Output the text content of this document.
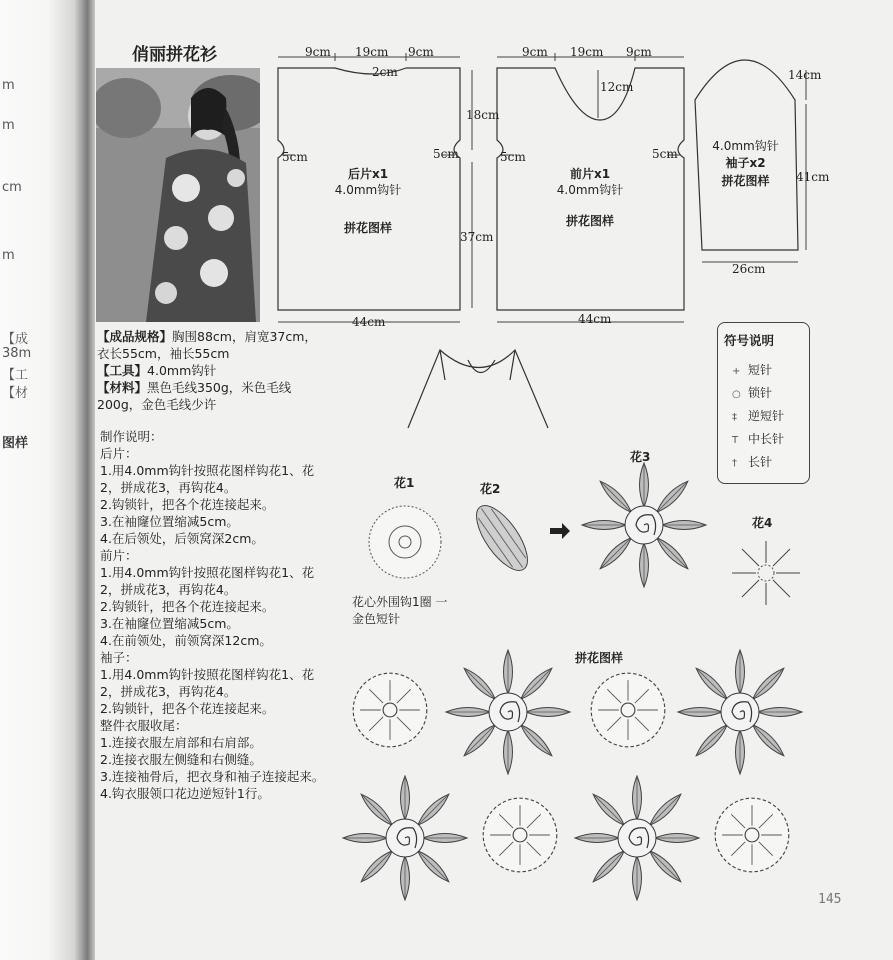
m
m
cm
m
【成
38m
【工
【材
图样
俏丽拼花衫
【成品规格】胸围88cm，肩宽37cm，衣长55cm，袖长55cm
【工具】4.0mm钩针
【材料】黑色毛线350g，米色毛线200g，金色毛线少许
制作说明：
后片：
1.用4.0mm钩针按照花图样钩花1、花2，拼成花3，再钩花4。
2.钩锁针，把各个花连接起来。
3.在袖窿位置缩减5cm。
4.在后领处，后领窝深2cm。
前片：
1.用4.0mm钩针按照花图样钩花1、花2，拼成花3，再钩花4。
2.钩锁针，把各个花连接起来。
3.在袖窿位置缩减5cm。
4.在前领处，前领窝深12cm。
袖子：
1.用4.0mm钩针按照花图样钩花1、花2，拼成花3，再钩花4。
2.钩锁针，把各个花连接起来。
整件衣服收尾：
1.连接衣服左肩部和右肩部。
2.连接衣服左侧缝和右侧缝。
3.连接袖骨后，把衣身和袖子连接起来。
4.钩衣服领口花边逆短针1行。
9cm 19cm 9cm
2cm
18cm
5cm	5cm
37cm
44cm
后片x1
4.0mm钩针
拼花图样
9cm 19cm 9cm
12cm
5cm	5cm
44cm
前片x1
4.0mm钩针
拼花图样
14cm
41cm
26cm
4.0mm钩针
袖子x2
拼花图样
符号说明
+ 短针
○ 锁针
‡ 逆短针
T 中长针
† 长针
花1	花2
花3
花4
花心外围钩1圈 一
金色短针
拼花图样
145
